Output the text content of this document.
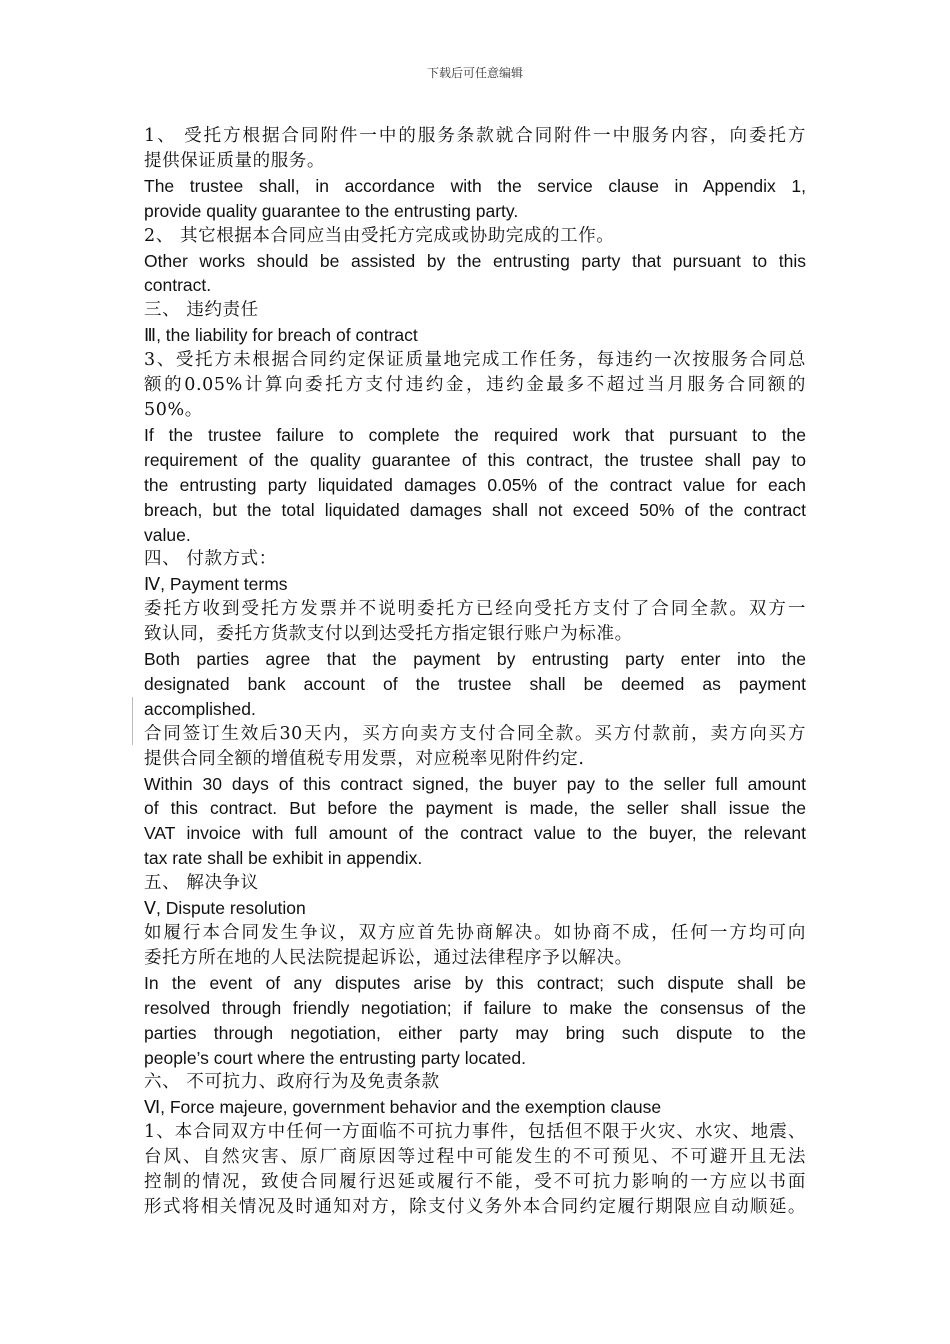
下载后可任意编辑
1、 受托方根据合同附件一中的服务条款就合同附件一中服务内容，向委托方
提供保证质量的服务。
The trustee shall, in accordance with the service clause in Appendix 1,
provide quality guarantee to the entrusting party.
2、 其它根据本合同应当由受托方完成或协助完成的工作。
Other works should be assisted by the entrusting party that pursuant to this
contract.
三、 违约责任
Ⅲ, the liability for breach of contract
3、受托方未根据合同约定保证质量地完成工作任务，每违约一次按服务合同总
额的0.05%计算向委托方支付违约金，违约金最多不超过当月服务合同额的
50%。
If the trustee failure to complete the required work that pursuant to the
requirement of the quality guarantee of this contract, the trustee shall pay to
the entrusting party liquidated damages 0.05% of the contract value for each
breach, but the total liquidated damages shall not exceed 50% of the contract
value.
四、 付款方式：
Ⅳ, Payment terms
委托方收到受托方发票并不说明委托方已经向受托方支付了合同全款。双方一
致认同，委托方货款支付以到达受托方指定银行账户为标准。
Both parties agree that the payment by entrusting party enter into the
designated bank account of the trustee shall be deemed as payment
accomplished.
合同签订生效后30天内，买方向卖方支付合同全款。买方付款前，卖方向买方
提供合同全额的增值税专用发票，对应税率见附件约定.
Within 30 days of this contract signed, the buyer pay to the seller full amount
of this contract. But before the payment is made, the seller shall issue the
VAT invoice with full amount of the contract value to the buyer, the relevant
tax rate shall be exhibit in appendix.
五、 解决争议
Ⅴ, Dispute resolution
如履行本合同发生争议，双方应首先协商解决。如协商不成，任何一方均可向
委托方所在地的人民法院提起诉讼，通过法律程序予以解决。
In the event of any disputes arise by this contract; such dispute shall be
resolved through friendly negotiation; if failure to make the consensus of the
parties through negotiation, either party may bring such dispute to the
people’s court where the entrusting party located.
六、 不可抗力、政府行为及免责条款
Ⅵ, Force majeure, government behavior and the exemption clause
1、本合同双方中任何一方面临不可抗力事件，包括但不限于火灾、水灾、地震、
台风、自然灾害、原厂商原因等过程中可能发生的不可预见、不可避开且无法
控制的情况，致使合同履行迟延或履行不能，受不可抗力影响的一方应以书面
形式将相关情况及时通知对方，除支付义务外本合同约定履行期限应自动顺延。
